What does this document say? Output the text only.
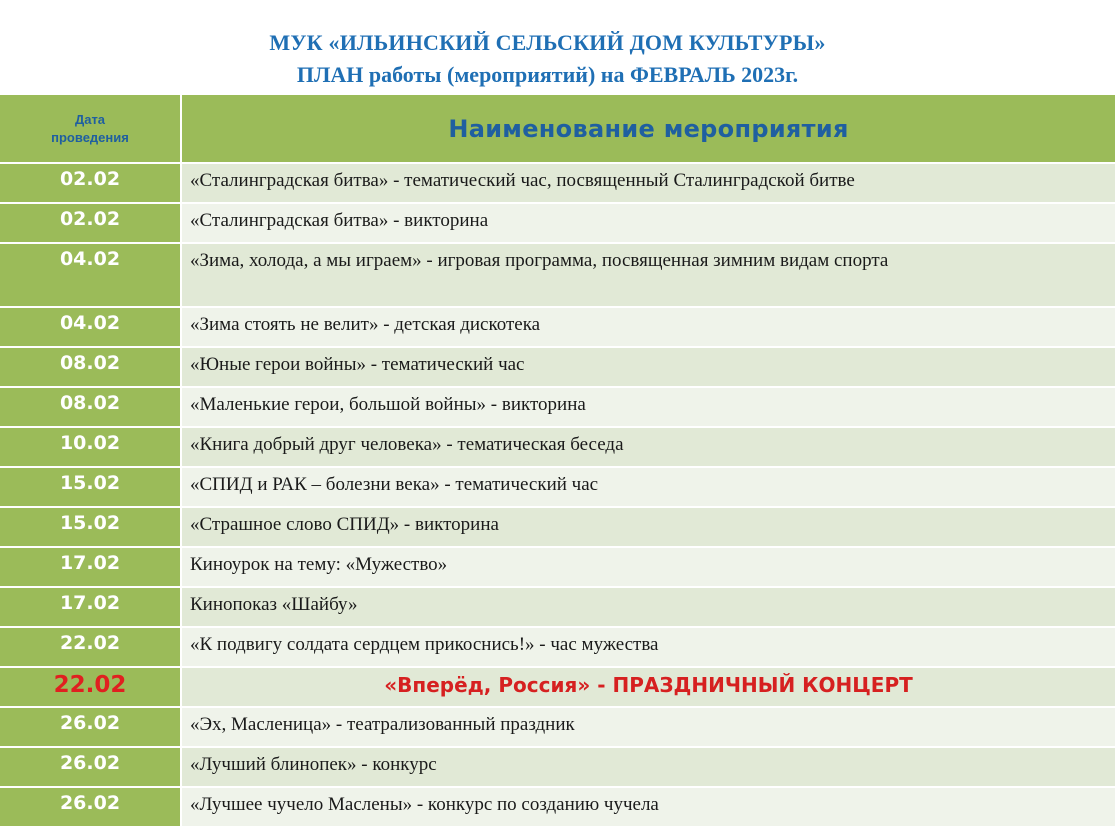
МУК «ИЛЬИНСКИЙ СЕЛЬСКИЙ ДОМ КУЛЬТУРЫ»
ПЛАН работы (мероприятий) на ФЕВРАЛЬ 2023г.
Дата
проведения	Наименование мероприятия
02.02	«Сталинградская битва» - тематический час, посвященный Сталинградской битве
02.02	«Сталинградская битва» - викторина
04.02	«Зима, холода, а мы играем» - игровая программа, посвященная зимним видам спорта
04.02	«Зима стоять не велит» - детская дискотека
08.02	«Юные герои войны» - тематический час
08.02	«Маленькие герои, большой войны» - викторина
10.02	«Книга добрый друг человека» - тематическая беседа
15.02	«СПИД и РАК – болезни века» - тематический час
15.02	«Страшное слово СПИД» - викторина
17.02	Киноурок на тему: «Мужество»
17.02	Кинопоказ «Шайбу»
22.02	«К подвигу солдата сердцем прикоснись!» - час мужества
22.02	«Вперёд, Россия» - ПРАЗДНИЧНЫЙ КОНЦЕРТ
26.02	«Эх, Масленица» - театрализованный праздник
26.02	«Лучший блинопек» - конкурс
26.02	«Лучшее чучело Маслены» - конкурс по созданию чучела
